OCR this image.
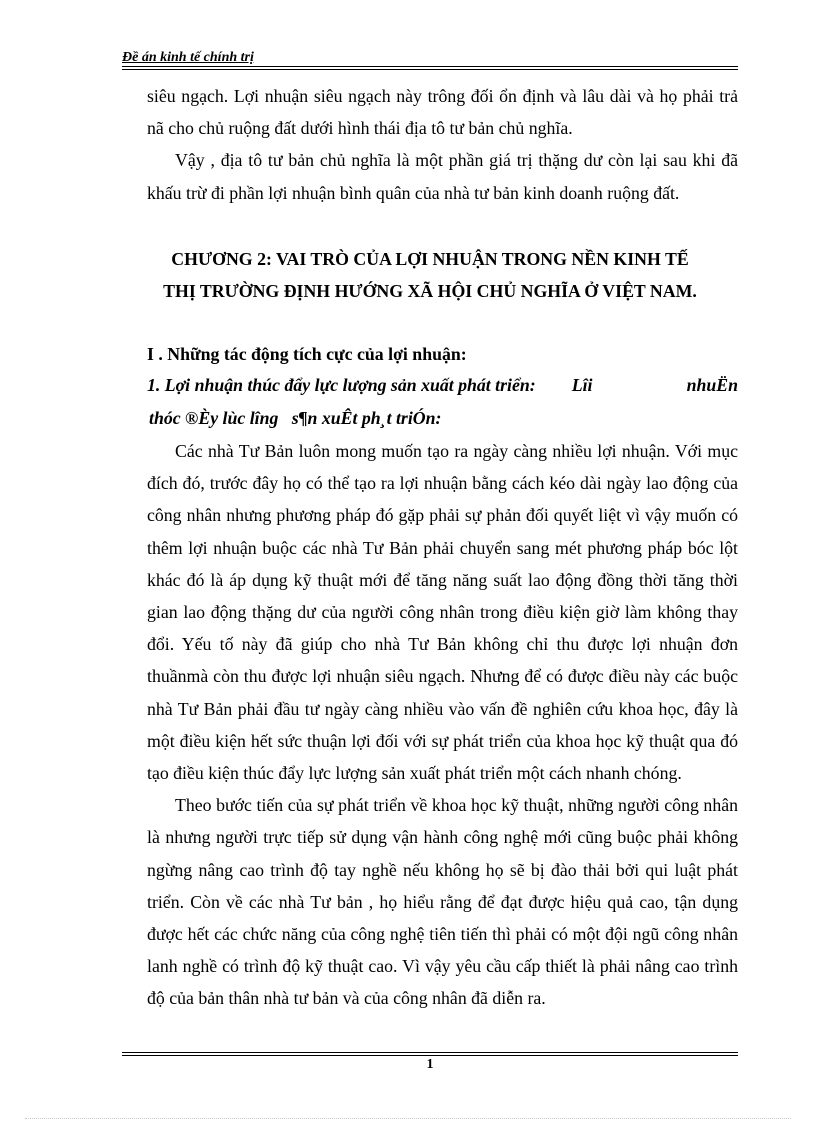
Đề án kinh tế chính trị

siêu ngạch. Lợi nhuận siêu ngạch này trông đối ổn định và lâu dài và họ phải trả nã cho chủ ruộng đất dưới hình thái địa tô tư bản chủ nghĩa.

Vậy , địa tô tư bản chủ nghĩa là một phần giá trị thặng dư còn lại sau khi đã khấu trừ đi phần lợi nhuận bình quân của nhà tư bản kinh doanh ruộng đất.

CHƯƠNG 2: VAI TRÒ CỦA LỢI NHUẬN TRONG NỀN KINH TẾ
THỊ TRƯỜNG ĐỊNH HƯỚNG XÃ HỘI CHỦ NGHĨA Ở VIỆT NAM.
I . Những tác động tích cực của lợi nhuận:
1. Lợi nhuận thúc đẩy lực lượng sản xuất phát triển: Lîi	nhuËn
thóc ®Èy lùc lîng   s¶n xuÊt ph¸t triÓn:

Các nhà Tư Bản luôn mong muốn tạo ra ngày càng nhiều lợi nhuận. Với mục đích đó, trước đây họ có thể tạo ra lợi nhuận bằng cách kéo dài ngày lao động của công nhân nhưng phương pháp đó gặp phải sự phản đối quyết liệt vì vậy muốn có thêm lợi nhuận buộc các nhà Tư Bản phải chuyển sang mét phương pháp bóc lột khác đó là áp dụng kỹ thuật mới để tăng năng suất lao động đồng thời tăng thời gian lao động thặng dư của người công nhân trong điều kiện giờ làm không thay đổi. Yếu tố này đã giúp cho nhà Tư Bản không chỉ thu được lợi nhuận đơn thuầnmà còn thu được lợi nhuận siêu ngạch. Nhưng để có được điều này các buộc nhà Tư Bản phải đầu tư ngày càng nhiều vào vấn đề nghiên cứu khoa học, đây là một điều kiện hết sức thuận lợi đối với sự phát triển của khoa học kỹ thuật qua đó tạo điều kiện thúc đẩy lực lượng sản xuất phát triển một cách nhanh chóng.

Theo bước tiến của sự phát triển về khoa học kỹ thuật, những người công nhân là nhưng người trực tiếp sử dụng vận hành công nghệ mới cũng buộc phải không ngừng nâng cao trình độ tay nghề nếu không họ sẽ bị đào thải bởi qui luật phát triển. Còn về các nhà Tư bản , họ hiểu rằng để đạt được hiệu quả cao, tận dụng được hết các chức năng của công nghệ tiên tiến thì phải có một đội ngũ công nhân lanh nghề có trình độ kỹ thuật cao. Vì vậy yêu cầu cấp thiết là phải nâng cao trình độ của bản thân nhà tư bản và của công nhân đã diễn ra.

1
